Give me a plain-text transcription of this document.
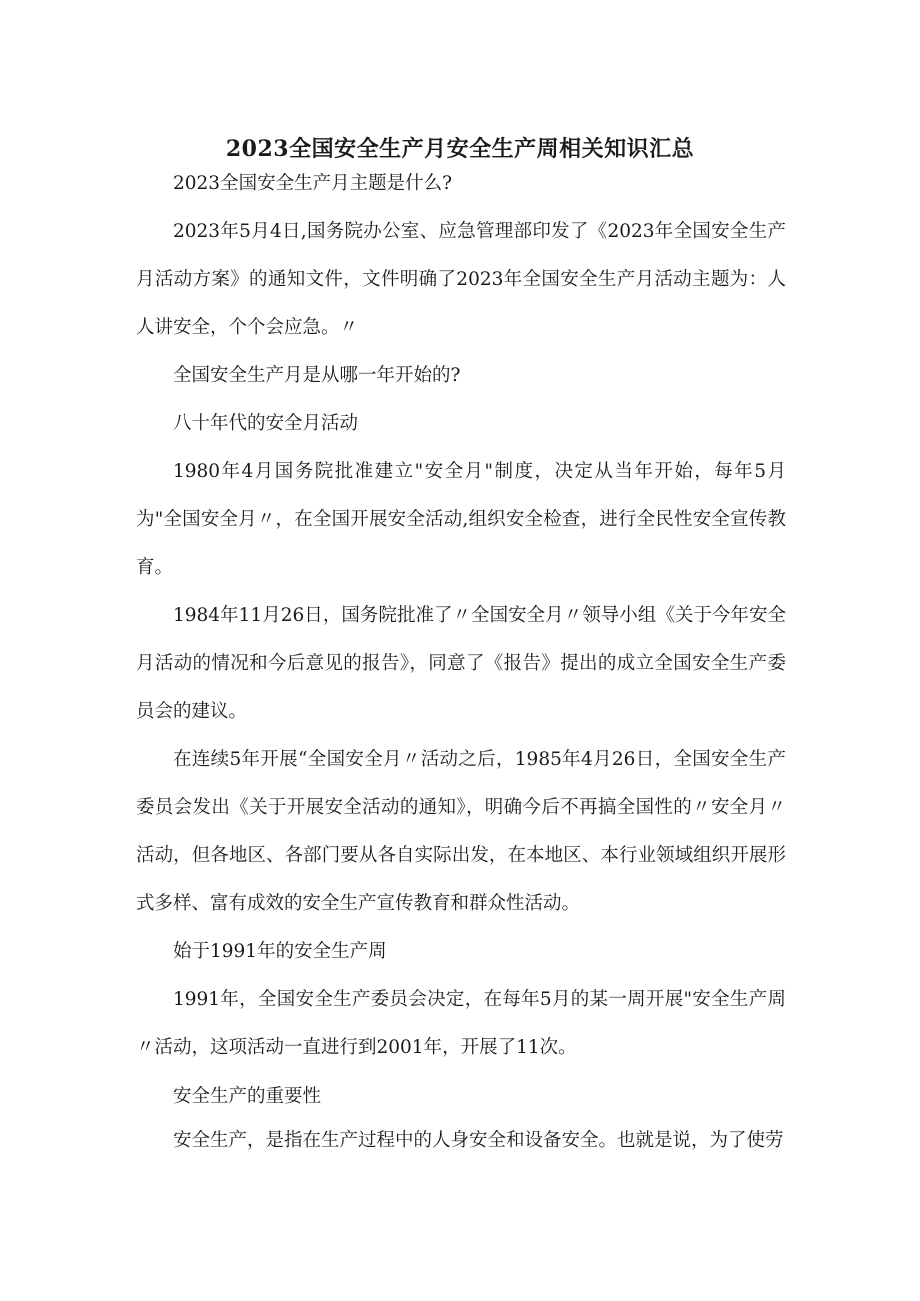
2023全国安全生产月安全生产周相关知识汇总

2023全国安全生产月主题是什么?

2023年5月4日,国务院办公室、应急管理部印发了《2023年全国安全生产月活动方案》的通知文件，文件明确了2023年全国安全生产月活动主题为：人人讲安全，个个会应急。〃

全国安全生产月是从哪一年开始的?

八十年代的安全月活动

1980年4月国务院批准建立"安全月"制度，决定从当年开始，每年5月为"全国安全月〃，在全国开展安全活动,组织安全检查，进行全民性安全宣传教育。

1984年11月26日，国务院批准了〃全国安全月〃领导小组《关于今年安全月活动的情况和今后意见的报告》，同意了《报告》提出的成立全国安全生产委员会的建议。

在连续5年开展“全国安全月〃活动之后，1985年4月26日，全国安全生产委员会发出《关于开展安全活动的通知》，明确今后不再搞全国性的〃安全月〃活动，但各地区、各部门要从各自实际出发，在本地区、本行业领域组织开展形式多样、富有成效的安全生产宣传教育和群众性活动。

始于1991年的安全生产周

1991年，全国安全生产委员会决定，在每年5月的某一周开展"安全生产周〃活动，这项活动一直进行到2001年，开展了11次。

安全生产的重要性

安全生产，是指在生产过程中的人身安全和设备安全。也就是说，为了使劳
